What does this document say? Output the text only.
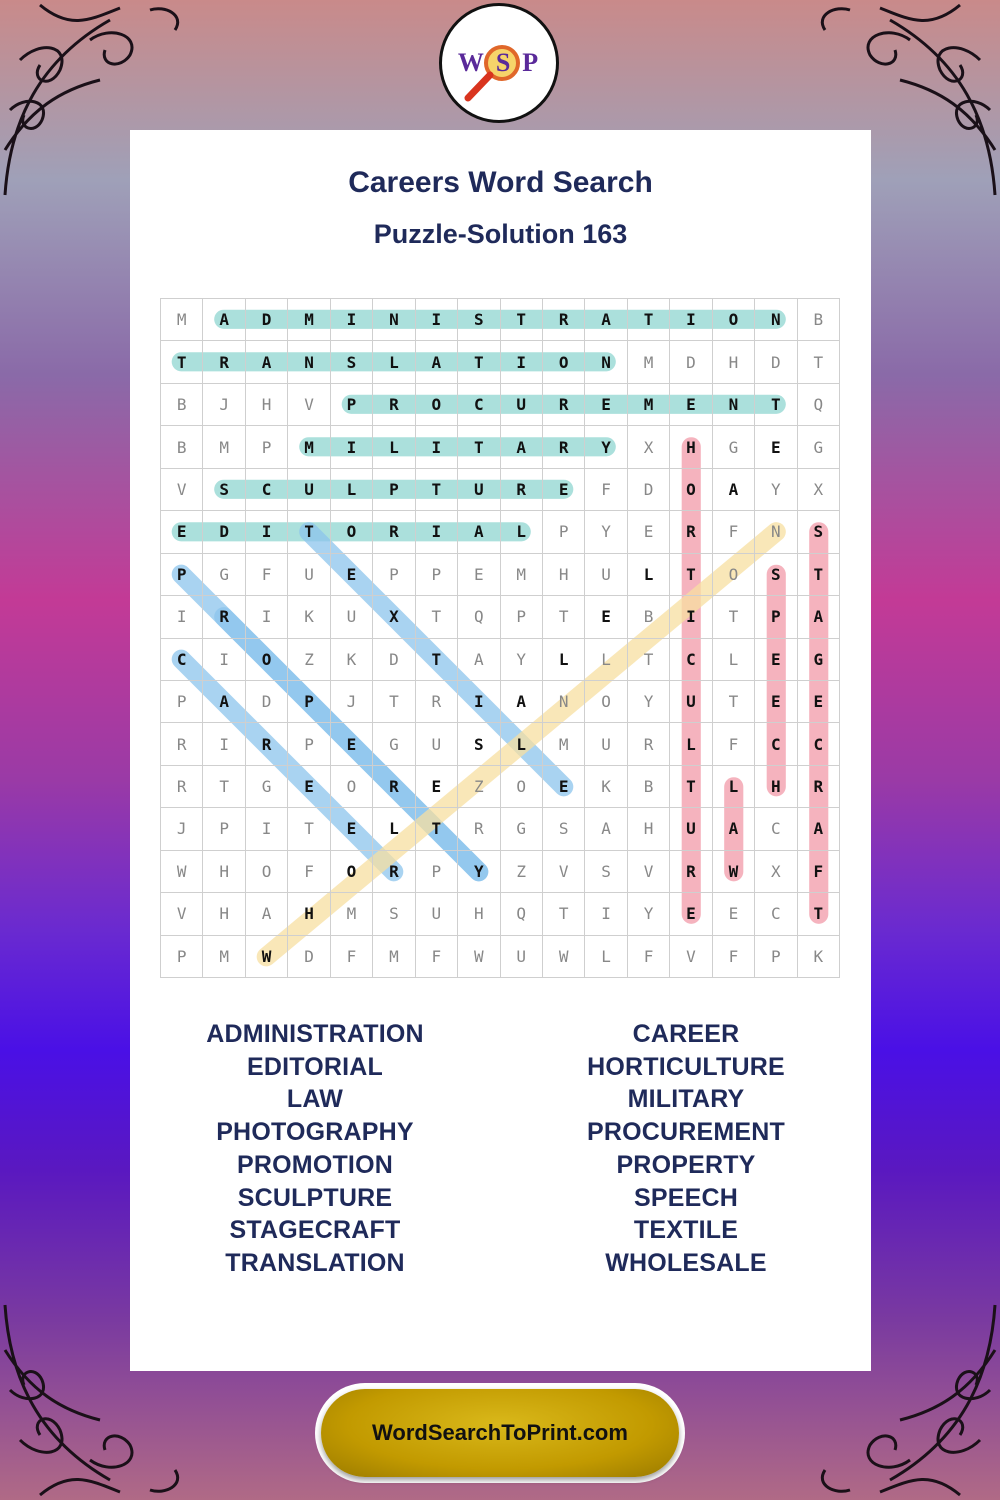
WSP
Careers Word Search
Puzzle-Solution 163
M	A	D	M	I	N	I	S	T	R	A	T	I	O	N	B
T	R	A	N	S	L	A	T	I	O	N	M	D	H	D	T
B	J	H	V	P	R	O	C	U	R	E	M	E	N	T	Q
B	M	P	M	I	L	I	T	A	R	Y	X	H	G	E	G
V	S	C	U	L	P	T	U	R	E	F	D	O	A	Y	X
E	D	I	T	O	R	I	A	L	P	Y	E	R	F	N	S
P	G	F	U	E	P	P	E	M	H	U	L	T	O	S	T
I	R	I	K	U	X	T	Q	P	T	E	B	I	T	P	A
C	I	O	Z	K	D	T	A	Y	L	L	T	C	L	E	G
P	A	D	P	J	T	R	I	A	N	O	Y	U	T	E	E
R	I	R	P	E	G	U	S	L	M	U	R	L	F	C	C
R	T	G	E	O	R	E	Z	O	E	K	B	T	L	H	R
J	P	I	T	E	L	T	R	G	S	A	H	U	A	C	A
W	H	O	F	O	R	P	Y	Z	V	S	V	R	W	X	F
V	H	A	H	M	S	U	H	Q	T	I	Y	E	E	C	T
P	M	W	D	F	M	F	W	U	W	L	F	V	F	P	K
ADMINISTRATION
EDITORIAL
LAW
PHOTOGRAPHY
PROMOTION
SCULPTURE
STAGECRAFT
TRANSLATION
CAREER
HORTICULTURE
MILITARY
PROCUREMENT
PROPERTY
SPEECH
TEXTILE
WHOLESALE
WordSearchToPrint.com
